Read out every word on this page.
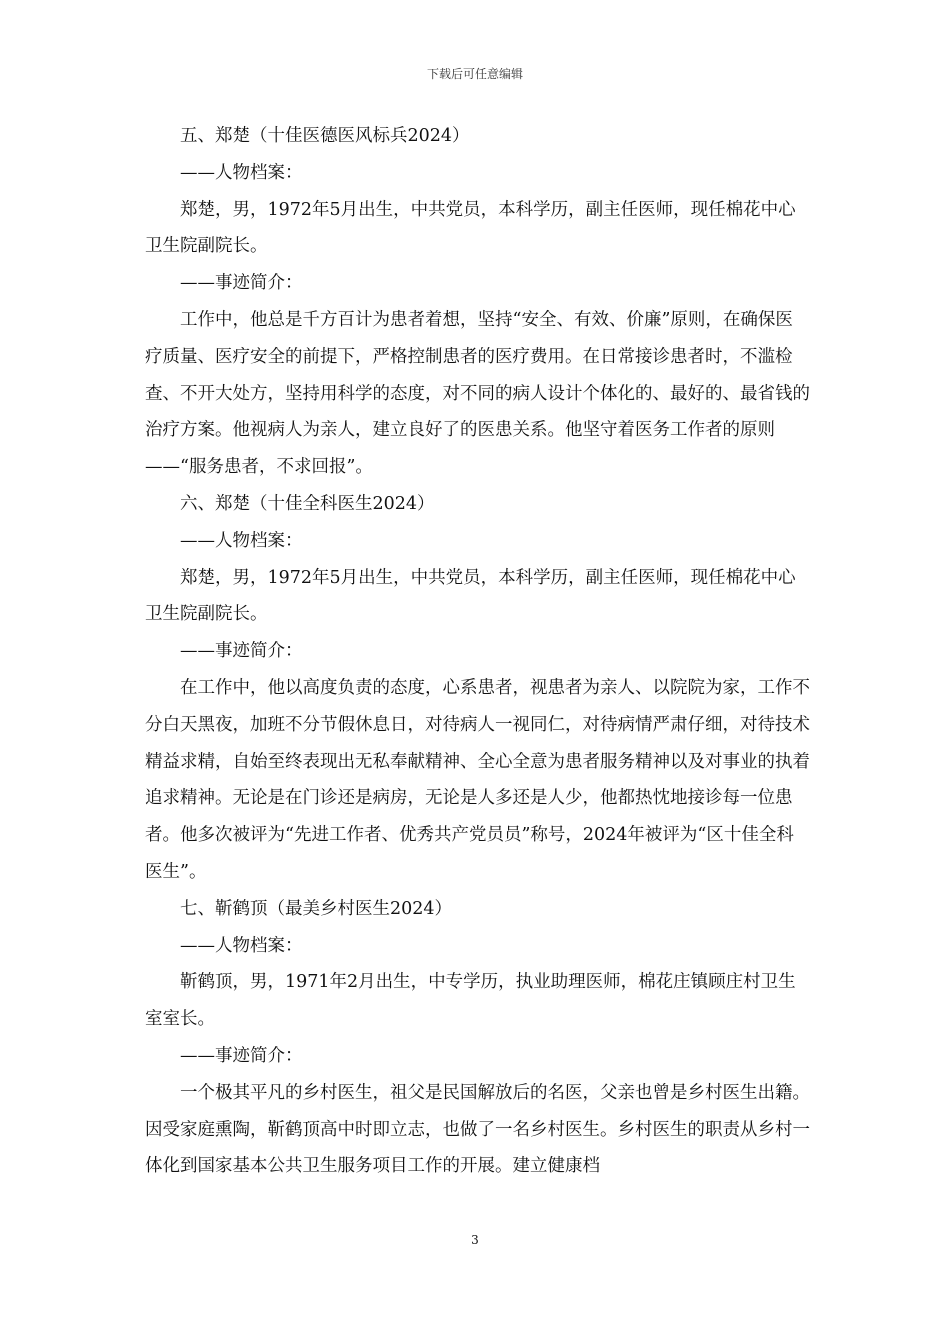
下载后可任意编辑

五、郑楚（十佳医德医风标兵2024）

——人物档案：

郑楚，男，1972年5月出生，中共党员，本科学历，副主任医师，现任棉花中心卫生院副院长。

——事迹简介：

工作中，他总是千方百计为患者着想，坚持“安全、有效、价廉”原则，在确保医疗质量、医疗安全的前提下，严格控制患者的医疗费用。在日常接诊患者时，不滥检查、不开大处方，坚持用科学的态度，对不同的病人设计个体化的、最好的、最省钱的治疗方案。他视病人为亲人，建立良好了的医患关系。他坚守着医务工作者的原则——“服务患者，不求回报”。

六、郑楚（十佳全科医生2024）

——人物档案：

郑楚，男，1972年5月出生，中共党员，本科学历，副主任医师，现任棉花中心卫生院副院长。

——事迹简介：

在工作中，他以高度负责的态度，心系患者，视患者为亲人、以院院为家，工作不分白天黑夜，加班不分节假休息日，对待病人一视同仁，对待病情严肃仔细，对待技术精益求精，自始至终表现出无私奉献精神、全心全意为患者服务精神以及对事业的执着追求精神。无论是在门诊还是病房，无论是人多还是人少，他都热忱地接诊每一位患者。他多次被评为“先进工作者、优秀共产党员员”称号，2024年被评为“区十佳全科医生”。

七、靳鹤顶（最美乡村医生2024）

——人物档案：

靳鹤顶，男，1971年2月出生，中专学历，执业助理医师，棉花庄镇顾庄村卫生室室长。

——事迹简介：

一个极其平凡的乡村医生，祖父是民国解放后的名医，父亲也曾是乡村医生出籍。因受家庭熏陶，靳鹤顶高中时即立志，也做了一名乡村医生。乡村医生的职责从乡村一体化到国家基本公共卫生服务项目工作的开展。建立健康档

3
